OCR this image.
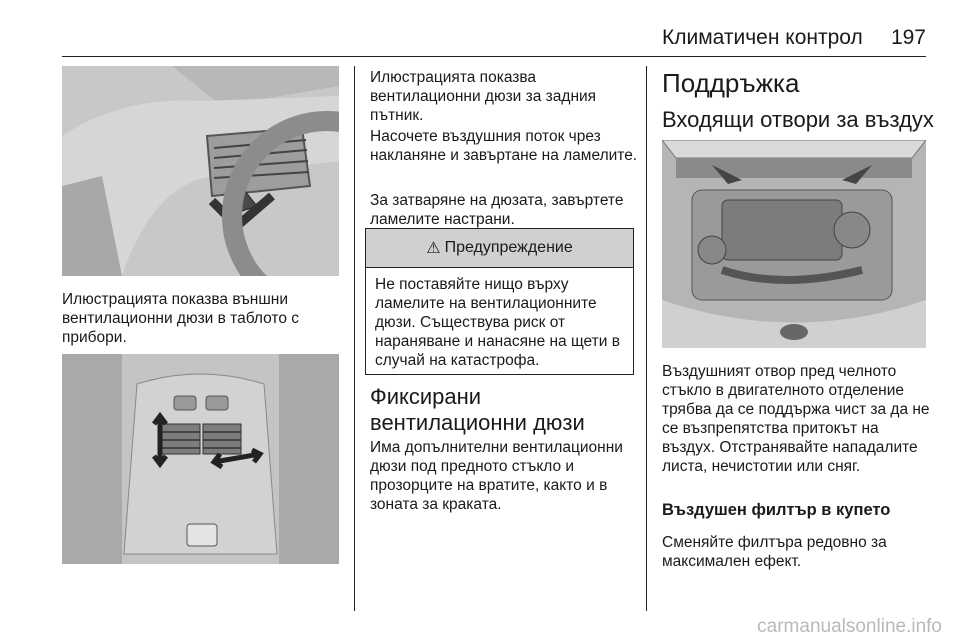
Климатичен контрол 197
Илюстрацията показва външни вентилационни дюзи в таблото с прибори.
Илюстрацията показва вентилационни дюзи за задния пътник.
Насочете въздушния поток чрез накланяне и завъртане на ламелите.
За затваряне на дюзата, завъртете ламелите настрани.
⚠ Предупреждение
Не поставяйте нищо върху ламелите на вентилационните дюзи. Съществува риск от нараняване и нанасяне на щети в случай на катастрофа.
Фиксирани вентилационни дюзи
Има допълнителни вентилационни дюзи под предното стъкло и прозорците на вратите, както и в зоната за краката.
Поддръжка
Входящи отвори за въздух
Въздушният отвор пред челното стъкло в двигателното отделение трябва да се поддържа чист за да не се възпрепятства притокът на въздух. Отстранявайте нападалите листа, нечистотии или сняг.
Въздушен филтър в купето
Сменяйте филтъра редовно за максимален ефект.
carmanualsonline.info
